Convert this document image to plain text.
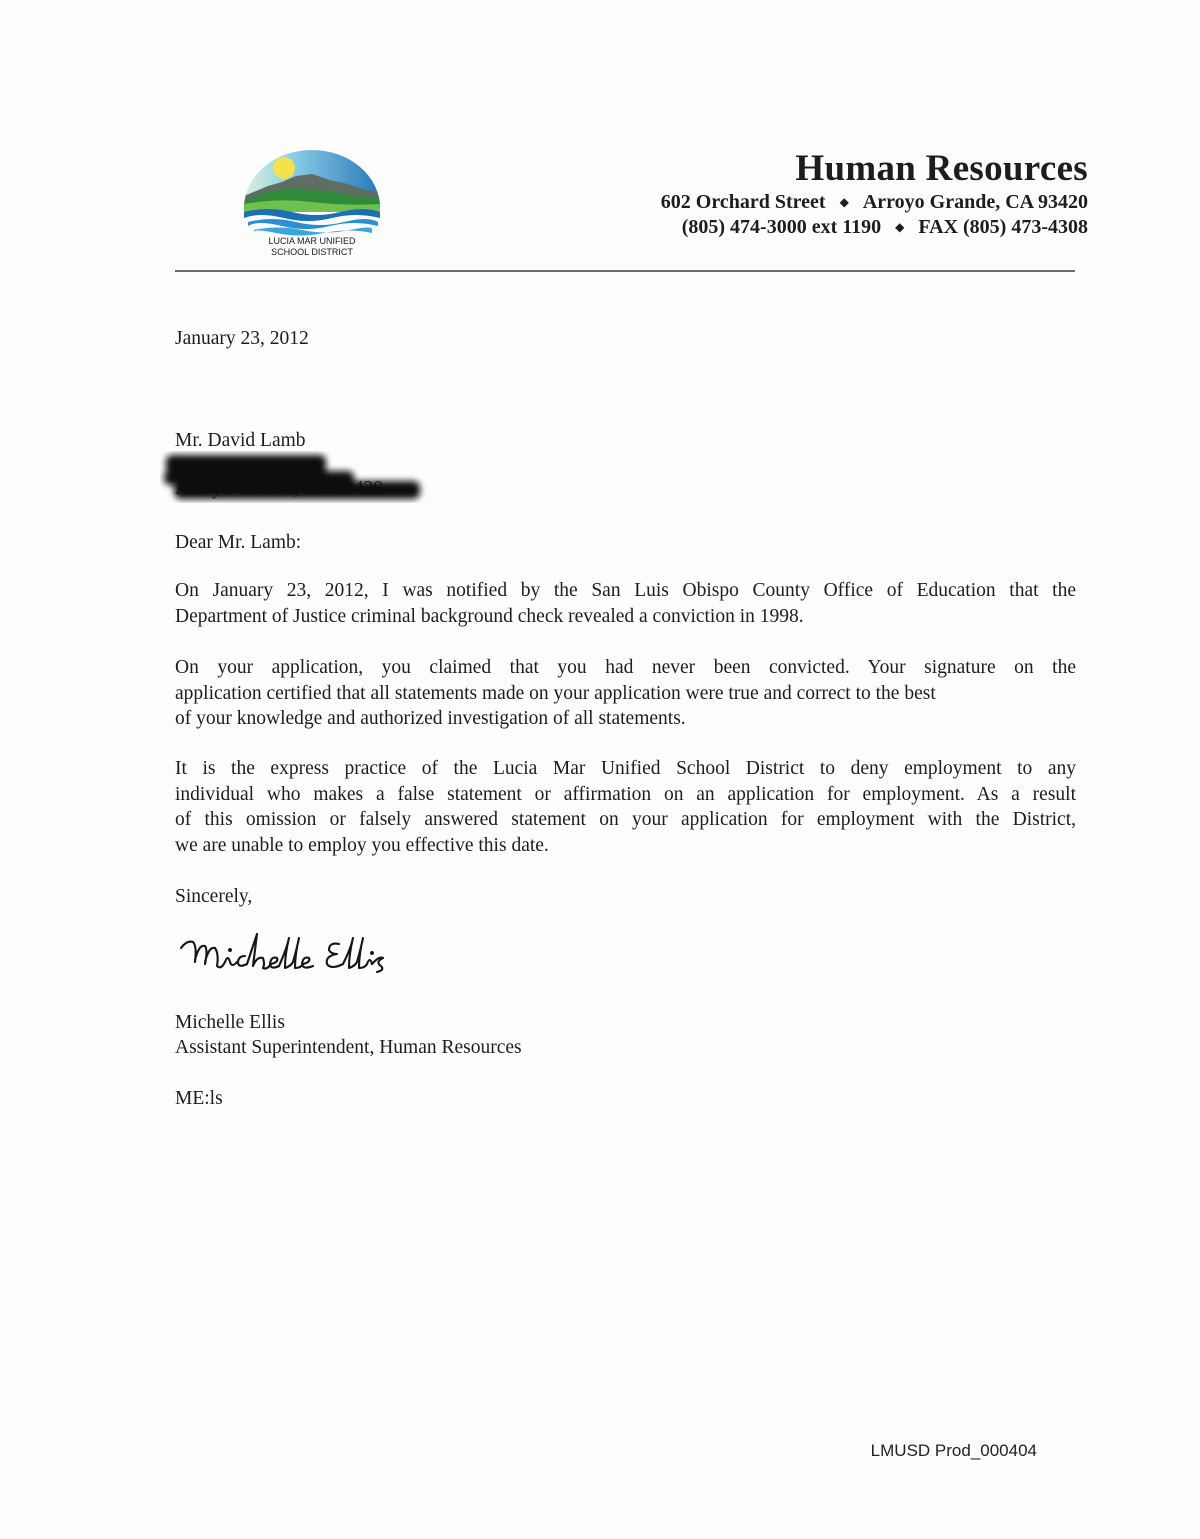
LUCIA MAR UNIFIED
SCHOOL DISTRICT
Human Resources
602 Orchard Street ◆ Arroyo Grande, CA 93420
(805) 474-3000 ext 1190 ◆ FAX (805) 473-4308
January 23, 2012
Mr. David Lamb
Dear Mr. Lamb:
On January 23, 2012, I was notified by the San Luis Obispo County Office of Education that the
Department of Justice criminal background check revealed a conviction in 1998.
On your application, you claimed that you had never been convicted. Your signature on the
application certified that all statements made on your application were true and correct to the best
of your knowledge and authorized investigation of all statements.
It is the express practice of the Lucia Mar Unified School District to deny employment to any
individual who makes a false statement or affirmation on an application for employment. As a result
of this omission or falsely answered statement on your application for employment with the District,
we are unable to employ you effective this date.
Sincerely,
Michelle Ellis
Assistant Superintendent, Human Resources
ME:ls
LMUSD Prod_000404
